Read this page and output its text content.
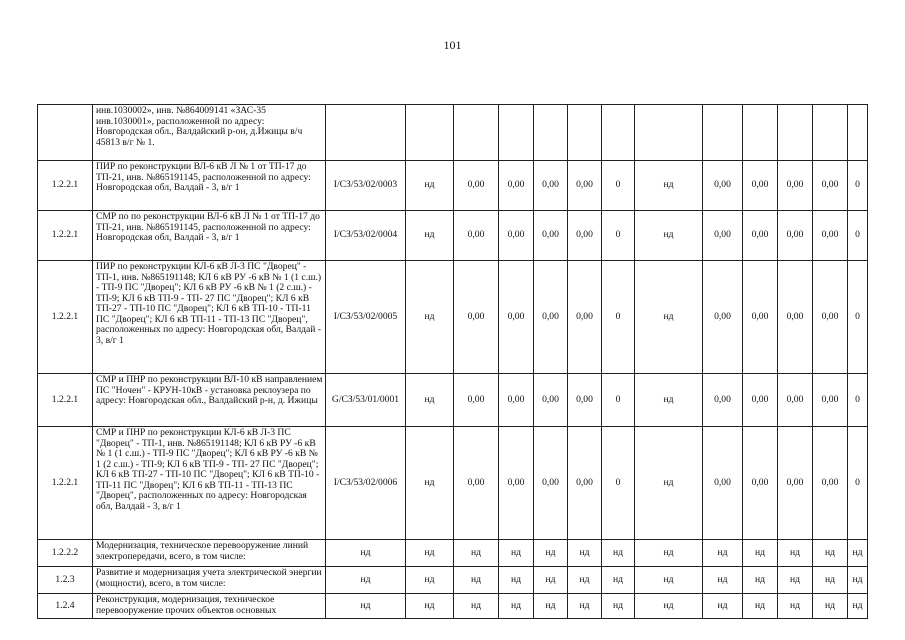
101
	инв.1030002», инв. №864009141 «ЗАС-35 инв.1030001», расположенной по адресу: Новгородская обл., Валдайский р-он, д.Ижицы в/ч 45813 в/г № 1.													
1.2.2.1	ПИР по реконструкции ВЛ-6 кВ Л № 1 от ТП-17 до ТП-21, инв. №865191145, расположенной по адресу: Новгородская обл, Валдай - 3, в/г 1	I/СЗ/53/02/0003	нд	0,00	0,00	0,00	0,00	0	нд	0,00	0,00	0,00	0,00	0
1.2.2.1	СМР по по реконструкции ВЛ-6 кВ Л № 1 от ТП-17 до ТП-21, инв. №865191145, расположенной по адресу: Новгородская обл, Валдай - 3, в/г 1	I/СЗ/53/02/0004	нд	0,00	0,00	0,00	0,00	0	нд	0,00	0,00	0,00	0,00	0
1.2.2.1	ПИР по реконструкции КЛ-6 кВ Л-3 ПС "Дворец" - ТП-1, инв. №865191148; КЛ 6 кВ РУ -6 кВ № 1 (1 с.ш.) - ТП-9 ПС "Дворец"; КЛ 6 кВ РУ -6 кВ № 1 (2 с.ш.) - ТП-9; КЛ 6 кВ ТП-9 - ТП- 27 ПС "Дворец"; КЛ 6 кВ ТП-27 - ТП-10 ПС "Дворец"; КЛ 6 кВ ТП-10 - ТП-11 ПС "Дворец"; КЛ 6 кВ ТП-11 - ТП-13 ПС "Дворец", расположенных по адресу: Новгородская обл, Валдай - 3, в/г 1	I/СЗ/53/02/0005	нд	0,00	0,00	0,00	0,00	0	нд	0,00	0,00	0,00	0,00	0
1.2.2.1	СМР и ПНР по реконструкции ВЛ-10 кВ направлением ПС "Ночен" - КРУН-10кВ - установка реклоузера по адресу: Новгородская обл., Валдайский р-н, д. Ижицы	G/СЗ/53/01/0001	нд	0,00	0,00	0,00	0,00	0	нд	0,00	0,00	0,00	0,00	0
1.2.2.1	СМР и ПНР по реконструкции КЛ-6 кВ Л-3 ПС "Дворец" - ТП-1, инв. №865191148; КЛ 6 кВ РУ -6 кВ № 1 (1 с.ш.) - ТП-9 ПС "Дворец"; КЛ 6 кВ РУ -6 кВ № 1 (2 с.ш.) - ТП-9; КЛ 6 кВ ТП-9 - ТП- 27 ПС "Дворец"; КЛ 6 кВ ТП-27 - ТП-10 ПС "Дворец"; КЛ 6 кВ ТП-10 - ТП-11 ПС "Дворец"; КЛ 6 кВ ТП-11 - ТП-13 ПС "Дворец", расположенных по адресу: Новгородская обл, Валдай - 3, в/г 1	I/СЗ/53/02/0006	нд	0,00	0,00	0,00	0,00	0	нд	0,00	0,00	0,00	0,00	0
1.2.2.2	Модернизация, техническое перевооружение линий электропередачи, всего, в том числе:	нд	нд	нд	нд	нд	нд	нд	нд	нд	нд	нд	нд	нд
1.2.3	Развитие и модернизация учета электрической энергии (мощности), всего, в том числе:	нд	нд	нд	нд	нд	нд	нд	нд	нд	нд	нд	нд	нд
1.2.4	Реконструкция, модернизация, техническое перевооружение прочих объектов основных	нд	нд	нд	нд	нд	нд	нд	нд	нд	нд	нд	нд	нд
